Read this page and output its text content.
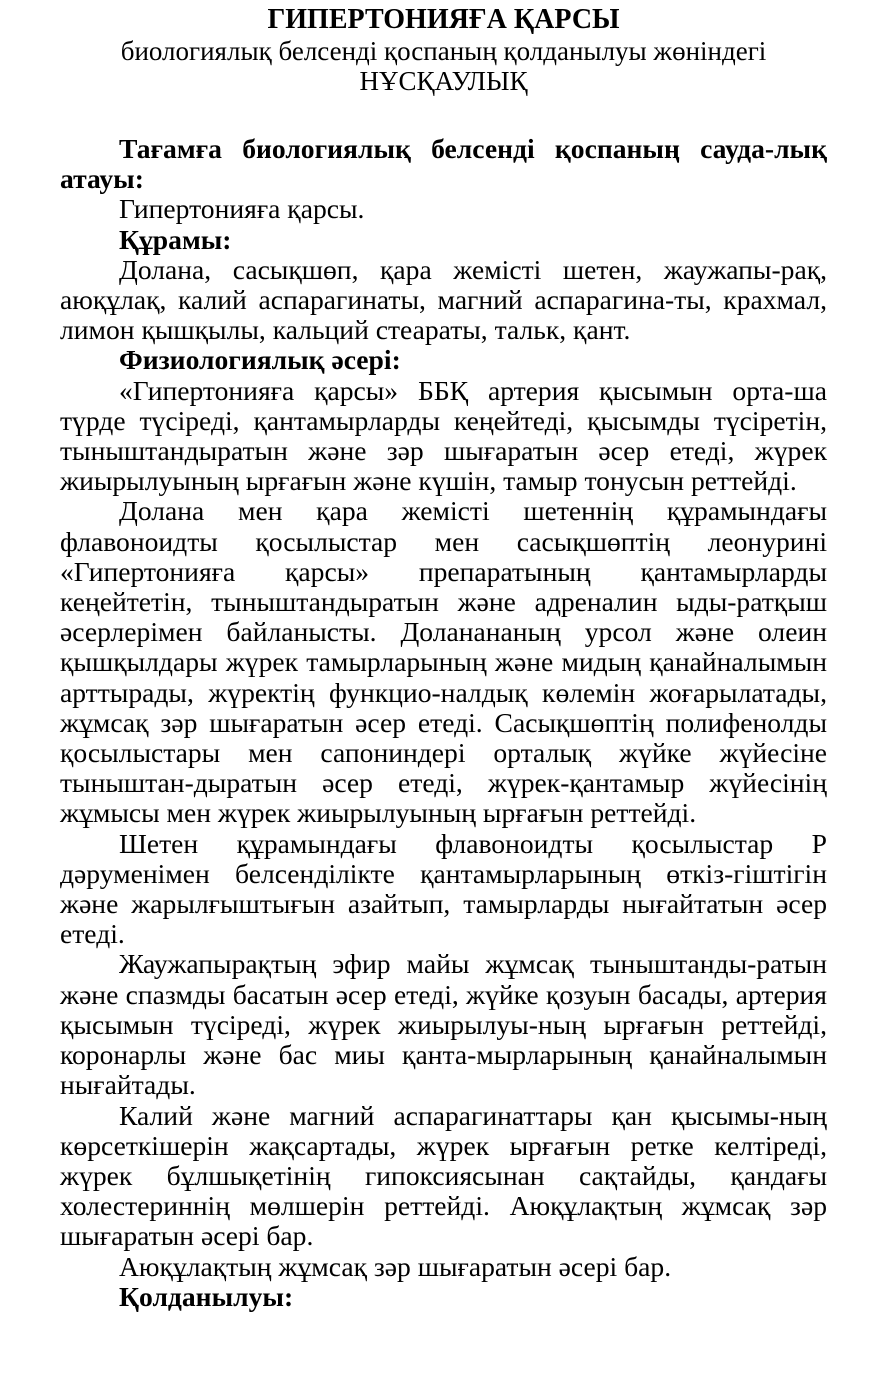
ГИПЕРТОНИЯҒА ҚАРСЫ

биологиялық белсенді қоспаның қолданылуы жөніндегі

НҰСҚАУЛЫҚ

Тағамға биологиялық белсенді қоспаның сауда-лық атауы:

Гипертонияға қарсы.

Құрамы:

Долана, сасықшөп, қара жемісті шетен, жаужапы-рақ, аюқұлақ, калий аспарагинаты, магний аспарагина-ты, крахмал, лимон қышқылы, кальций стеараты, тальк, қант.

Физиологиялық әсері:

«Гипертонияға қарсы» ББҚ артерия қысымын орта-ша түрде түсіреді, қантамырларды кеңейтеді, қысымды түсіретін, тыныштандыратын және зәр шығаратын әсер етеді, жүрек жиырылуының ырғағын және күшін, тамыр тонусын реттейді.

Долана мен қара жемісті шетеннің құрамындағы флавоноидты қосылыстар мен сасықшөптің леонурині «Гипертонияға қарсы» препаратының қантамырларды кеңейтетін, тыныштандыратын және адреналин ыды-ратқыш әсерлерімен байланысты. Доланананың урсол және олеин қышқылдары жүрек тамырларының және мидың қанайналымын арттырады, жүректің функцио-налдық көлемін жоғарылатады, жұмсақ зәр шығаратын әсер етеді. Сасықшөптің полифенолды қосылыстары мен сапониндері орталық жүйке жүйесіне тыныштан-дыратын әсер етеді, жүрек-қантамыр жүйесінің жұмысы мен жүрек жиырылуының ырғағын реттейді.

Шетен құрамындағы флавоноидты қосылыстар Р дәруменімен белсенділікте қантамырларының өткіз-гіштігін және жарылғыштығын азайтып, тамырларды нығайтатын әсер етеді.

Жаужапырақтың эфир майы жұмсақ тыныштанды-ратын және спазмды басатын әсер етеді, жүйке қозуын басады, артерия қысымын түсіреді, жүрек жиырылуы-ның ырғағын реттейді, коронарлы және бас миы қанта-мырларының қанайналымын нығайтады.

Калий және магний аспарагинаттары қан қысымы-ның көрсеткішерін жақсартады, жүрек ырғағын ретке келтіреді, жүрек бұлшықетінің гипоксиясынан сақтайды, қандағы холестериннің мөлшерін реттейді. Аюқұлақтың жұмсақ зәр шығаратын әсері бар.

Аюқұлақтың жұмсақ зәр шығаратын әсері бар.

Қолданылуы:
